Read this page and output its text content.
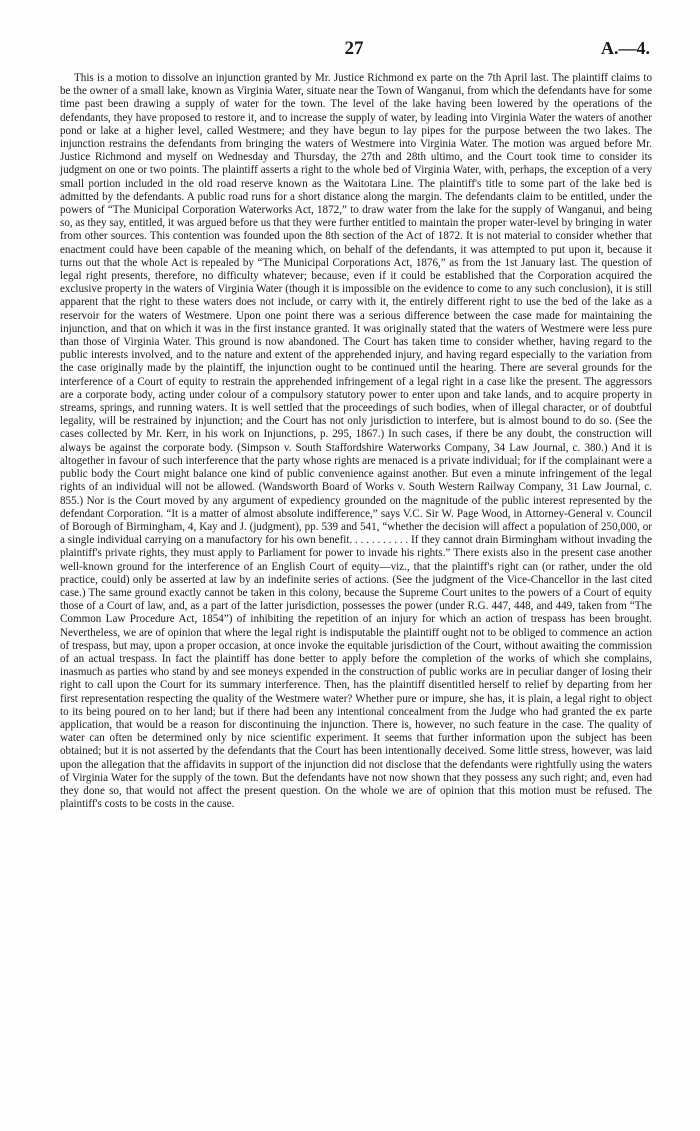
27	A.—4.

This is a motion to dissolve an injunction granted by Mr. Justice Richmond ex parte on the 7th April last. The plaintiff claims to be the owner of a small lake, known as Virginia Water, situate near the Town of Wanganui, from which the defendants have for some time past been drawing a supply of water for the town. The level of the lake having been lowered by the operations of the defendants, they have proposed to restore it, and to increase the supply of water, by leading into Virginia Water the waters of another pond or lake at a higher level, called Westmere; and they have begun to lay pipes for the purpose between the two lakes. The injunction restrains the defendants from bringing the waters of Westmere into Virginia Water. The motion was argued before Mr. Justice Richmond and myself on Wednesday and Thursday, the 27th and 28th ultimo, and the Court took time to consider its judgment on one or two points. The plaintiff asserts a right to the whole bed of Virginia Water, with, perhaps, the exception of a very small portion included in the old road reserve known as the Waitotara Line. The plaintiff's title to some part of the lake bed is admitted by the defendants. A public road runs for a short distance along the margin. The defendants claim to be entitled, under the powers of “The Municipal Corporation Waterworks Act, 1872,” to draw water from the lake for the supply of Wanganui, and being so, as they say, entitled, it was argued before us that they were further entitled to maintain the proper water-level by bringing in water from other sources. This contention was founded upon the 8th section of the Act of 1872. It is not material to consider whether that enactment could have been capable of the meaning which, on behalf of the defendants, it was attempted to put upon it, because it turns out that the whole Act is repealed by “The Municipal Corporations Act, 1876,” as from the 1st January last. The question of legal right presents, therefore, no difficulty whatever; because, even if it could be established that the Corporation acquired the exclusive property in the waters of Virginia Water (though it is impossible on the evidence to come to any such conclusion), it is still apparent that the right to these waters does not include, or carry with it, the entirely different right to use the bed of the lake as a reservoir for the waters of Westmere. Upon one point there was a serious difference between the case made for maintaining the injunction, and that on which it was in the first instance granted. It was originally stated that the waters of Westmere were less pure than those of Virginia Water. This ground is now abandoned. The Court has taken time to consider whether, having regard to the public interests involved, and to the nature and extent of the apprehended injury, and having regard especially to the variation from the case originally made by the plaintiff, the injunction ought to be continued until the hearing. There are several grounds for the interference of a Court of equity to restrain the apprehended infringement of a legal right in a case like the present. The aggressors are a corporate body, acting under colour of a compulsory statutory power to enter upon and take lands, and to acquire property in streams, springs, and running waters. It is well settled that the proceedings of such bodies, when of illegal character, or of doubtful legality, will be restrained by injunction; and the Court has not only jurisdiction to interfere, but is almost bound to do so. (See the cases collected by Mr. Kerr, in his work on Injunctions, p. 295, 1867.) In such cases, if there be any doubt, the construction will always be against the corporate body. (Simpson v. South Staffordshire Waterworks Company, 34 Law Journal, c. 380.) And it is altogether in favour of such interference that the party whose rights are menaced is a private individual; for if the complainant were a public body the Court might balance one kind of public convenience against another. But even a minute infringement of the legal rights of an individual will not be allowed. (Wandsworth Board of Works v. South Western Railway Company, 31 Law Journal, c. 855.) Nor is the Court moved by any argument of expediency grounded on the magnitude of the public interest represented by the defendant Corporation. “It is a matter of almost absolute indifference,” says V.C. Sir W. Page Wood, in Attorney-General v. Council of Borough of Birmingham, 4, Kay and J. (judgment), pp. 539 and 541, “whether the decision will affect a population of 250,000, or a single individual carrying on a manufactory for his own benefit. . . . . . . . . . . If they cannot drain Birmingham without invading the plaintiff's private rights, they must apply to Parliament for power to invade his rights.” There exists also in the present case another well-known ground for the interference of an English Court of equity—viz., that the plaintiff's right can (or rather, under the old practice, could) only be asserted at law by an indefinite series of actions. (See the judgment of the Vice-Chancellor in the last cited case.) The same ground exactly cannot be taken in this colony, because the Supreme Court unites to the powers of a Court of equity those of a Court of law, and, as a part of the latter jurisdiction, possesses the power (under R.G. 447, 448, and 449, taken from “The Common Law Procedure Act, 1854”) of inhibiting the repetition of an injury for which an action of trespass has been brought. Nevertheless, we are of opinion that where the legal right is indisputable the plaintiff ought not to be obliged to commence an action of trespass, but may, upon a proper occasion, at once invoke the equitable jurisdiction of the Court, without awaiting the commission of an actual trespass. In fact the plaintiff has done better to apply before the completion of the works of which she complains, inasmuch as parties who stand by and see moneys expended in the construction of public works are in peculiar danger of losing their right to call upon the Court for its summary interference. Then, has the plaintiff disentitled herself to relief by departing from her first representation respecting the quality of the Westmere water? Whether pure or impure, she has, it is plain, a legal right to object to its being poured on to her land; but if there had been any intentional concealment from the Judge who had granted the ex parte application, that would be a reason for discontinuing the injunction. There is, however, no such feature in the case. The quality of water can often be determined only by nice scientific experiment. It seems that further information upon the subject has been obtained; but it is not asserted by the defendants that the Court has been intentionally deceived. Some little stress, however, was laid upon the allegation that the affidavits in support of the injunction did not disclose that the defendants were rightfully using the waters of Virginia Water for the supply of the town. But the defendants have not now shown that they possess any such right; and, even had they done so, that would not affect the present question. On the whole we are of opinion that this motion must be refused. The plaintiff's costs to be costs in the cause.
